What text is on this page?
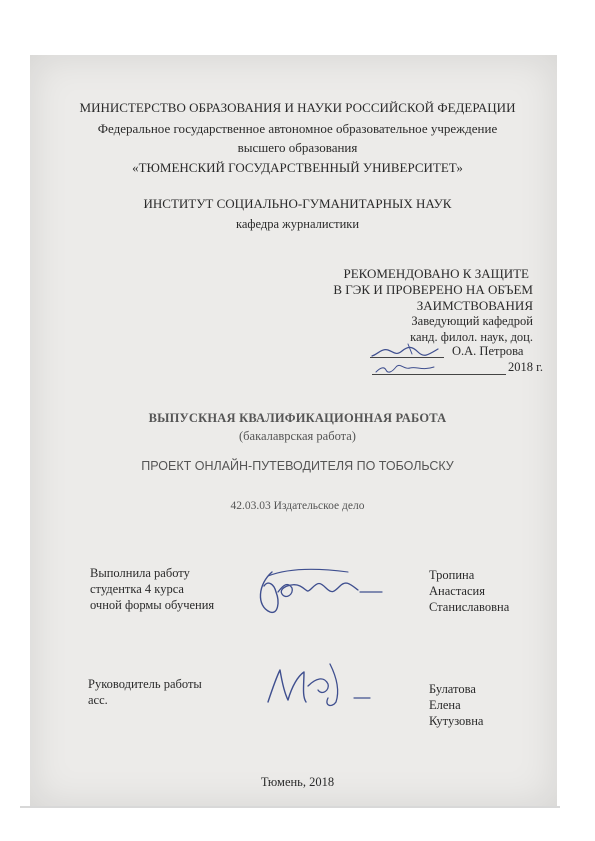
МИНИСТЕРСТВО ОБРАЗОВАНИЯ И НАУКИ РОССИЙСКОЙ ФЕДЕРАЦИИ
Федеральное государственное автономное образовательное учреждение
высшего образования
«ТЮМЕНСКИЙ ГОСУДАРСТВЕННЫЙ УНИВЕРСИТЕТ»
ИНСТИТУТ СОЦИАЛЬНО-ГУМАНИТАРНЫХ НАУК
кафедра журналистики
РЕКОМЕНДОВАНО К ЗАЩИТЕ
В ГЭК И ПРОВЕРЕНО НА ОБЪЕМ
ЗАИМСТВОВАНИЯ
Заведующий кафедрой
канд. филол. наук, доц.
О.А. Петрова
2018 г.
ВЫПУСКНАЯ КВАЛИФИКАЦИОННАЯ РАБОТА
(бакалаврская работа)
ПРОЕКТ ОНЛАЙН-ПУТЕВОДИТЕЛЯ ПО ТОБОЛЬСКУ
42.03.03 Издательское дело
Выполнила работу
студентка 4 курса
очной формы обучения
Тропина
Анастасия
Станиславовна
Руководитель работы
асс.
Булатова
Елена
Кутузовна
Тюмень, 2018
